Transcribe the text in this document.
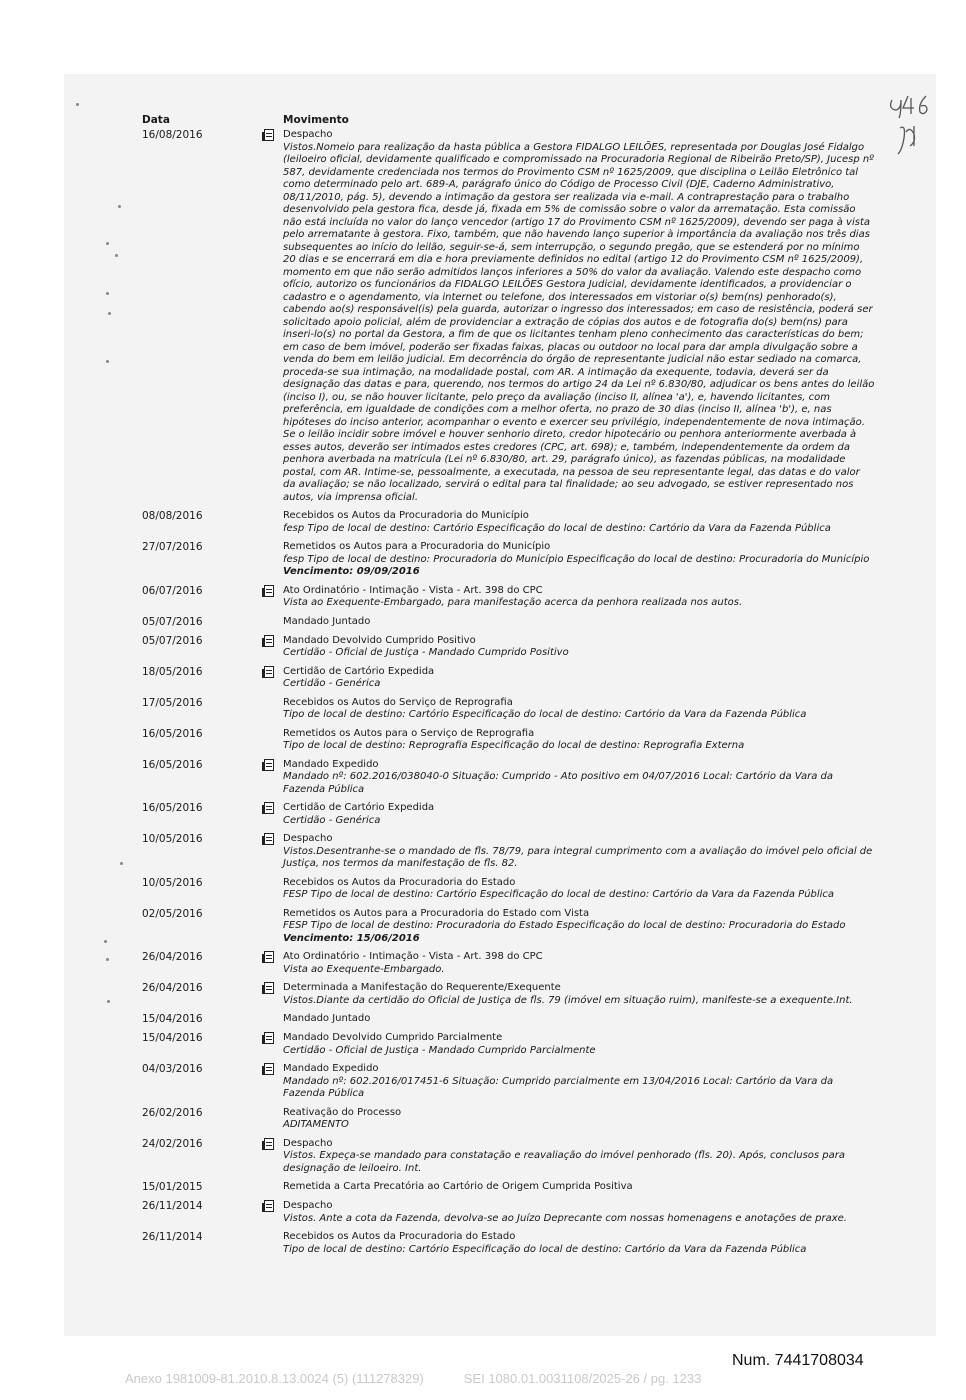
Data	Movimento
16/08/2016	Despacho
Vistos.Nomeio para realização da hasta pública a Gestora FIDALGO LEILÕES, representada por Douglas José Fidalgo (leiloeiro oficial, devidamente qualificado e compromissado na Procuradoria Regional de Ribeirão Preto/SP), Jucesp nº 587, devidamente credenciada nos termos do Provimento CSM nº 1625/2009, que disciplina o Leilão Eletrônico tal como determinado pelo art. 689-A, parágrafo único do Código de Processo Civil (DJE, Caderno Administrativo, 08/11/2010, pág. 5), devendo a intimação da gestora ser realizada via e-mail. A contraprestação para o trabalho desenvolvido pela gestora fica, desde já, fixada em 5% de comissão sobre o valor da arrematação. Esta comissão não está incluída no valor do lanço vencedor (artigo 17 do Provimento CSM nº 1625/2009), devendo ser paga à vista pelo arrematante à gestora. Fixo, também, que não havendo lanço superior à importância da avaliação nos três dias subsequentes ao início do leilão, seguir-se-á, sem interrupção, o segundo pregão, que se estenderá por no mínimo 20 dias e se encerrará em dia e hora previamente definidos no edital (artigo 12 do Provimento CSM nº 1625/2009), momento em que não serão admitidos lanços inferiores a 50% do valor da avaliação. Valendo este despacho como ofício, autorizo os funcionários da FIDALGO LEILÕES Gestora Judicial, devidamente identificados, a providenciar o cadastro e o agendamento, via internet ou telefone, dos interessados em vistoriar o(s) bem(ns) penhorado(s), cabendo ao(s) responsável(is) pela guarda, autorizar o ingresso dos interessados; em caso de resistência, poderá ser solicitado apoio policial, além de providenciar a extração de cópias dos autos e de fotografia do(s) bem(ns) para inseri-lo(s) no portal da Gestora, a fim de que os licitantes tenham pleno conhecimento das características do bem; em caso de bem imóvel, poderão ser fixadas faixas, placas ou outdoor no local para dar ampla divulgação sobre a venda do bem em leilão judicial. Em decorrência do órgão de representante judicial não estar sediado na comarca, proceda-se sua intimação, na modalidade postal, com AR. A intimação da exequente, todavia, deverá ser da designação das datas e para, querendo, nos termos do artigo 24 da Lei nº 6.830/80, adjudicar os bens antes do leilão (inciso I), ou, se não houver licitante, pelo preço da avaliação (inciso II, alínea 'a'), e, havendo licitantes, com preferência, em igualdade de condições com a melhor oferta, no prazo de 30 dias (inciso II, alínea 'b'), e, nas hipóteses do inciso anterior, acompanhar o evento e exercer seu privilégio, independentemente de nova intimação. Se o leilão incidir sobre imóvel e houver senhorio direto, credor hipotecário ou penhora anteriormente averbada à esses autos, deverão ser intimados estes credores (CPC, art. 698); e, também, independentemente da ordem da penhora averbada na matrícula (Lei nº 6.830/80, art. 29, parágrafo único), as fazendas públicas, na modalidade postal, com AR. Intime-se, pessoalmente, a executada, na pessoa de seu representante legal, das datas e do valor da avaliação; se não localizado, servirá o edital para tal finalidade; ao seu advogado, se estiver representado nos autos, via imprensa oficial.
08/08/2016	Recebidos os Autos da Procuradoria do Município
fesp Tipo de local de destino: Cartório Especificação do local de destino: Cartório da Vara da Fazenda Pública
27/07/2016	Remetidos os Autos para a Procuradoria do Município
fesp Tipo de local de destino: Procuradoria do Município Especificação do local de destino: Procuradoria do Município
Vencimento: 09/09/2016
06/07/2016	Ato Ordinatório - Intimação - Vista - Art. 398 do CPC
Vista ao Exequente-Embargado, para manifestação acerca da penhora realizada nos autos.
05/07/2016	Mandado Juntado
05/07/2016	Mandado Devolvido Cumprido Positivo
Certidão - Oficial de Justiça - Mandado Cumprido Positivo
18/05/2016	Certidão de Cartório Expedida
Certidão - Genérica
17/05/2016	Recebidos os Autos do Serviço de Reprografia
Tipo de local de destino: Cartório Especificação do local de destino: Cartório da Vara da Fazenda Pública
16/05/2016	Remetidos os Autos para o Serviço de Reprografia
Tipo de local de destino: Reprografia Especificação do local de destino: Reprografia Externa
16/05/2016	Mandado Expedido
Mandado nº: 602.2016/038040-0 Situação: Cumprido - Ato positivo em 04/07/2016 Local: Cartório da Vara da Fazenda Pública
16/05/2016	Certidão de Cartório Expedida
Certidão - Genérica
10/05/2016	Despacho
Vistos.Desentranhe-se o mandado de fls. 78/79, para integral cumprimento com a avaliação do imóvel pelo oficial de Justiça, nos termos da manifestação de fls. 82.
10/05/2016	Recebidos os Autos da Procuradoria do Estado
FESP Tipo de local de destino: Cartório Especificação do local de destino: Cartório da Vara da Fazenda Pública
02/05/2016	Remetidos os Autos para a Procuradoria do Estado com Vista
FESP Tipo de local de destino: Procuradoria do Estado Especificação do local de destino: Procuradoria do Estado
Vencimento: 15/06/2016
26/04/2016	Ato Ordinatório - Intimação - Vista - Art. 398 do CPC
Vista ao Exequente-Embargado.
26/04/2016	Determinada a Manifestação do Requerente/Exequente
Vistos.Diante da certidão do Oficial de Justiça de fls. 79 (imóvel em situação ruim), manifeste-se a exequente.Int.
15/04/2016	Mandado Juntado
15/04/2016	Mandado Devolvido Cumprido Parcialmente
Certidão - Oficial de Justiça - Mandado Cumprido Parcialmente
04/03/2016	Mandado Expedido
Mandado nº: 602.2016/017451-6 Situação: Cumprido parcialmente em 13/04/2016 Local: Cartório da Vara da Fazenda Pública
26/02/2016	Reativação do Processo
ADITAMENTO
24/02/2016	Despacho
Vistos. Expeça-se mandado para constatação e reavaliação do imóvel penhorado (fls. 20). Após, conclusos para designação de leiloeiro. Int.
15/01/2015	Remetida a Carta Precatória ao Cartório de Origem Cumprida Positiva
26/11/2014	Despacho
Vistos. Ante a cota da Fazenda, devolva-se ao Juízo Deprecante com nossas homenagens e anotações de praxe.
26/11/2014	Recebidos os Autos da Procuradoria do Estado
Tipo de local de destino: Cartório Especificação do local de destino: Cartório da Vara da Fazenda Pública
Num. 7441708034
Anexo 1981009-81.2010.8.13.0024 (5) (111278329)	SEI 1080.01.0031108/2025-26 / pg. 1233
